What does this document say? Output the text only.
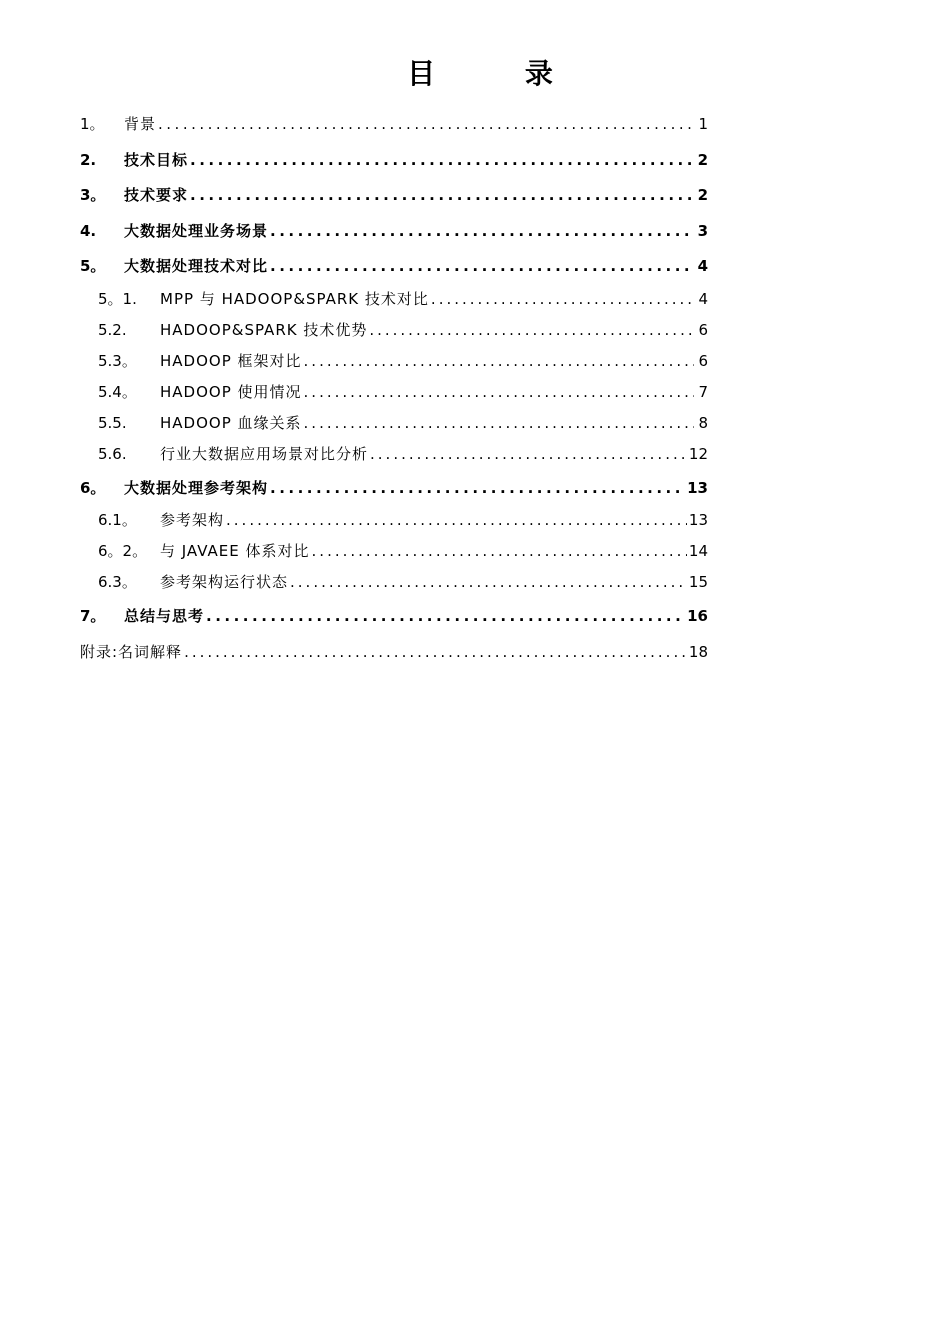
目 录
1。	背景 .....	1
2.	技术目标 .....	2
3。	技术要求 .....	2
4.	大数据处理业务场景 .....	3
5。	大数据处理技术对比 .....	4
5。1.	MPP 与 HADOOP&SPARK 技术对比 .....	4
5.2.	HADOOP&SPARK 技术优势 .....	6
5.3。	HADOOP 框架对比 .....	6
5.4。	HADOOP 使用情况 .....	7
5.5.	HADOOP 血缘关系 .....	8
5.6.	行业大数据应用场景对比分析 .....	12
6。	大数据处理参考架构 .....	13
6.1。	参考架构 .....	13
6。2。 与 JAVAEE 体系对比 .....	14
6.3。	参考架构运行状态 .....	15
7。	总结与思考 .....	16
附录:名词解释 .....	18
